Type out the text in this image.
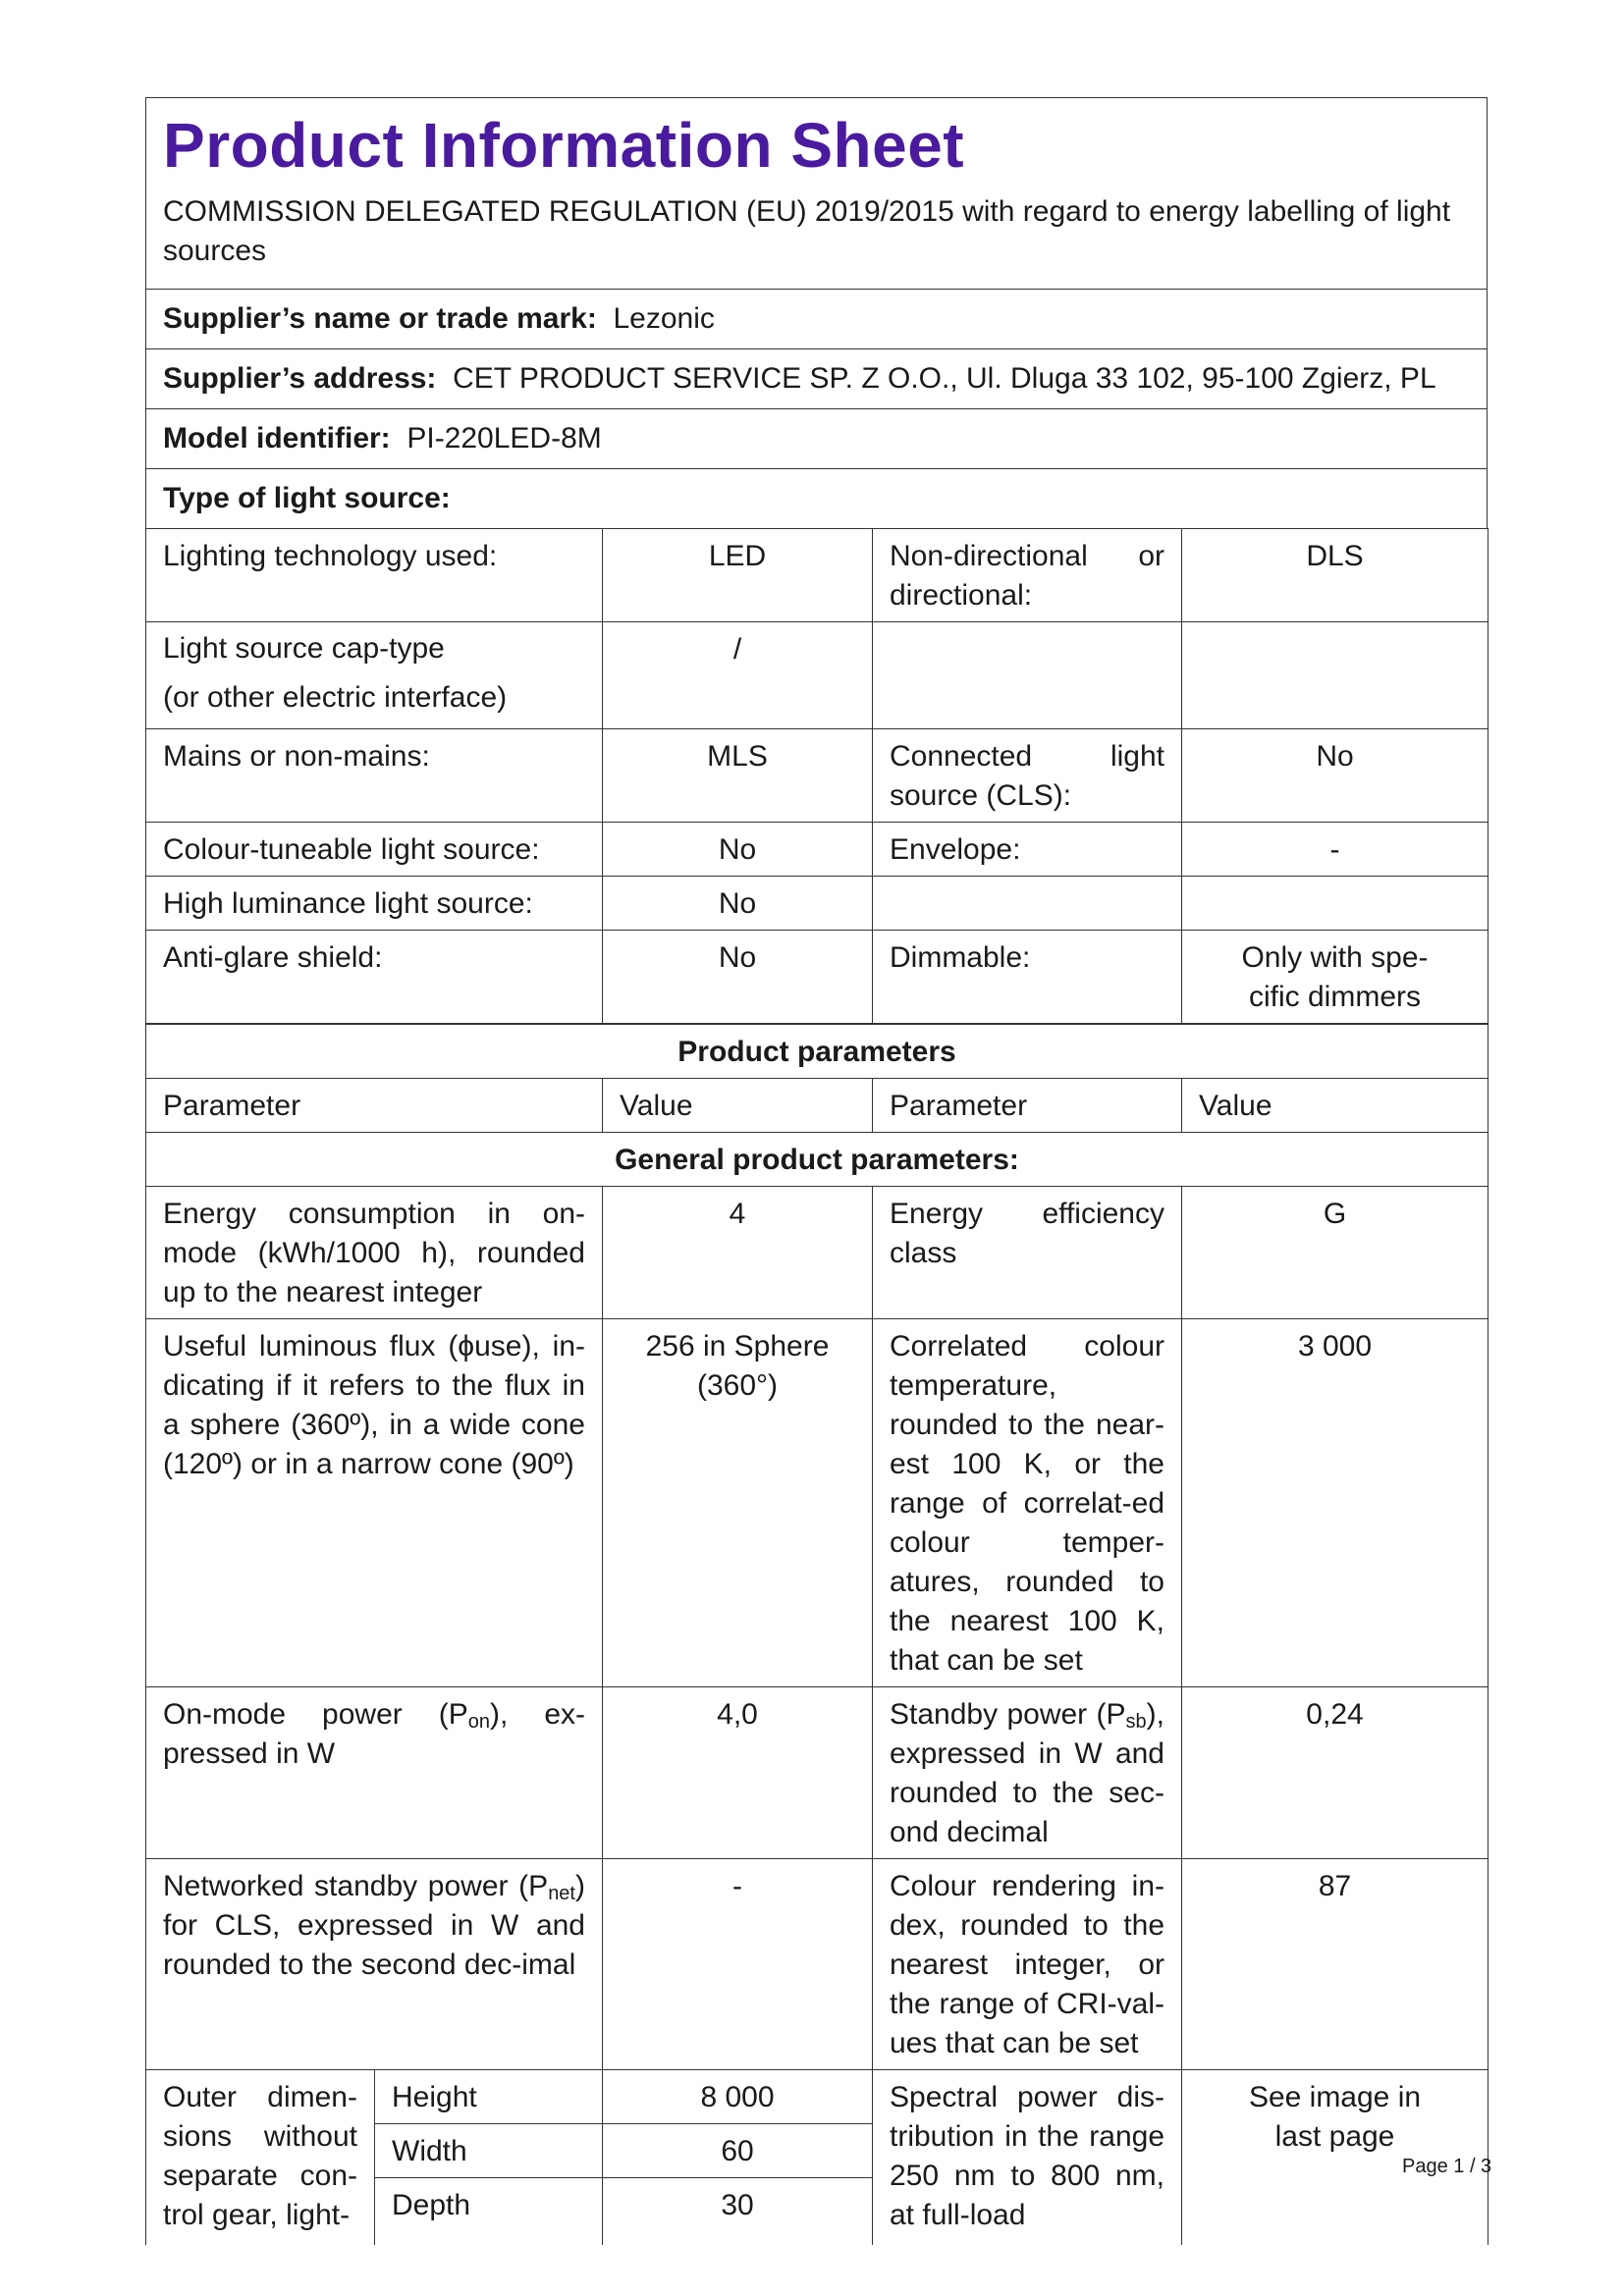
Product Information Sheet
COMMISSION DELEGATED REGULATION (EU) 2019/2015 with regard to energy labelling of light sources
Supplier’s name or trade mark: Lezonic
Supplier’s address: CET PRODUCT SERVICE SP. Z O.O., Ul. Dluga 33 102, 95-100 Zgierz, PL
Model identifier: PI-220LED-8M
Type of light source:
Lighting technology used:	LED	Non-directional or directional:	DLS

Light source cap-type
(or other electric interface)	/		
Mains or non-mains:	MLS	Connected light source (CLS):	No
Colour-tuneable light source:	No	Envelope:	-
High luminance light source:	No		
Anti-glare shield:	No	Dimmable:	Only with spe-cific dimmers
Product parameters				
Parameter		Value	Parameter	Value
General product parameters:				
Energy consumption in on-mode (kWh/1000 h), rounded up to the nearest integer		4	Energy efficiency class	G
Useful luminous flux (ϕuse), in-dicating if it refers to the flux in a sphere (360º), in a wide cone (120º) or in a narrow cone (90º)		256 in Sphere (360°)	Correlated colour temperature, rounded to the near-est 100 K, or the range of correlat-ed colour temper-atures, rounded to the nearest 100 K, that can be set	3 000
On-mode power $(P_{on})$, ex-pressed in W		4,0	Standby power $(P_{sb})$, expressed in W and rounded to the sec-ond decimal	0,24
Networked standby power $(P_{net})$ for CLS, expressed in W and rounded to the second dec-imal		-	Colour rendering in-dex, rounded to the nearest integer, or the range of CRI-val-ues that can be set	87
Outer dimen-sions without separate con-trol gear, light-	Height	8 000	Spectral power dis-tribution in the range 250 nm to 800 nm, at full-load	See image in last page
	Width	60		
	Depth	30		
Page 1 / 3
